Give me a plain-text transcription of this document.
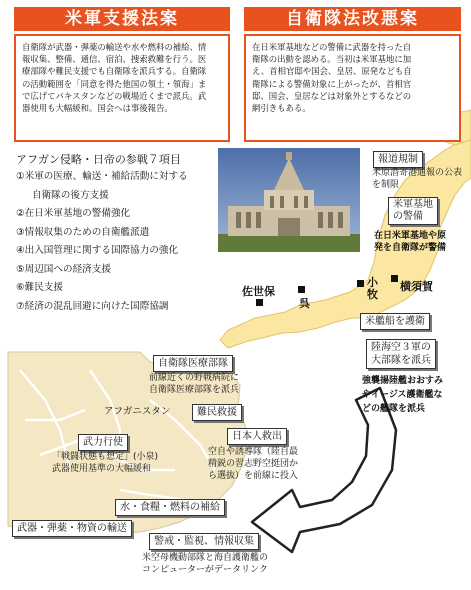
米軍支援法案	自衛隊法改悪案
自衛隊が武器・弾薬の輸送や水や燃料の補給、情
報収集、整備、通信、宿泊、捜索救難を行う。医
療部隊や難民支援でも自衛隊を派兵する。自衛隊
の活動範囲を「同意を得た他国の領土・領海」ま
で広げてパキスタンなどの戦場近くまで派兵。武
器使用も大幅緩和。国会へは事後報告。
在日米軍基地などの警備に武器を持った自
衛隊の出動を認める。当初は米軍基地に加
え、首相官邸や国会、皇居、原発なども自
衛隊による警備対象に上がったが、首相官
邸、国会、皇居などは対象外とするなどの
網引きもある。
アフガン侵略・日帝の参戦７項目
①米軍の医療、輸送・補給活動に対する
自衛隊の後方支援
②在日米軍基地の警備強化
③情報収集のための自衛艦派遣
④出入国管理に関する国際協力の強化
⑤周辺国への経済支援
⑥難民支援
⑦経済の混乱回避に向けた国際協調
報道規制
米原潜寄港通報の公表を制限
米軍基地
の警備
在日米軍基地や原
発を自衛隊が警備
佐世保
呉
小牧
横須賀
米艦船を護衛
陸海空３軍の
大部隊を派兵
強襲揚陸艦おおすみ
やイージス護衛艦な
どの艦隊を派兵
自衛隊医療部隊
前線近くの野戦病院に
自衛隊医療部隊を派兵
アフガニスタン	難民救援
武力行使
「戦闘状態も想定」(小泉)
武器使用基準の大幅緩和
日本人救出
空自や誘導隊（陸自最
精鋭の習志野空挺団か
ら選抜）を前線に投入
水・食糧・燃料の補給
武器・弾薬・物資の輸送
警戒・監視、情報収集
米空母機動部隊と海自護衛艦の
コンピューターがデータリンク
